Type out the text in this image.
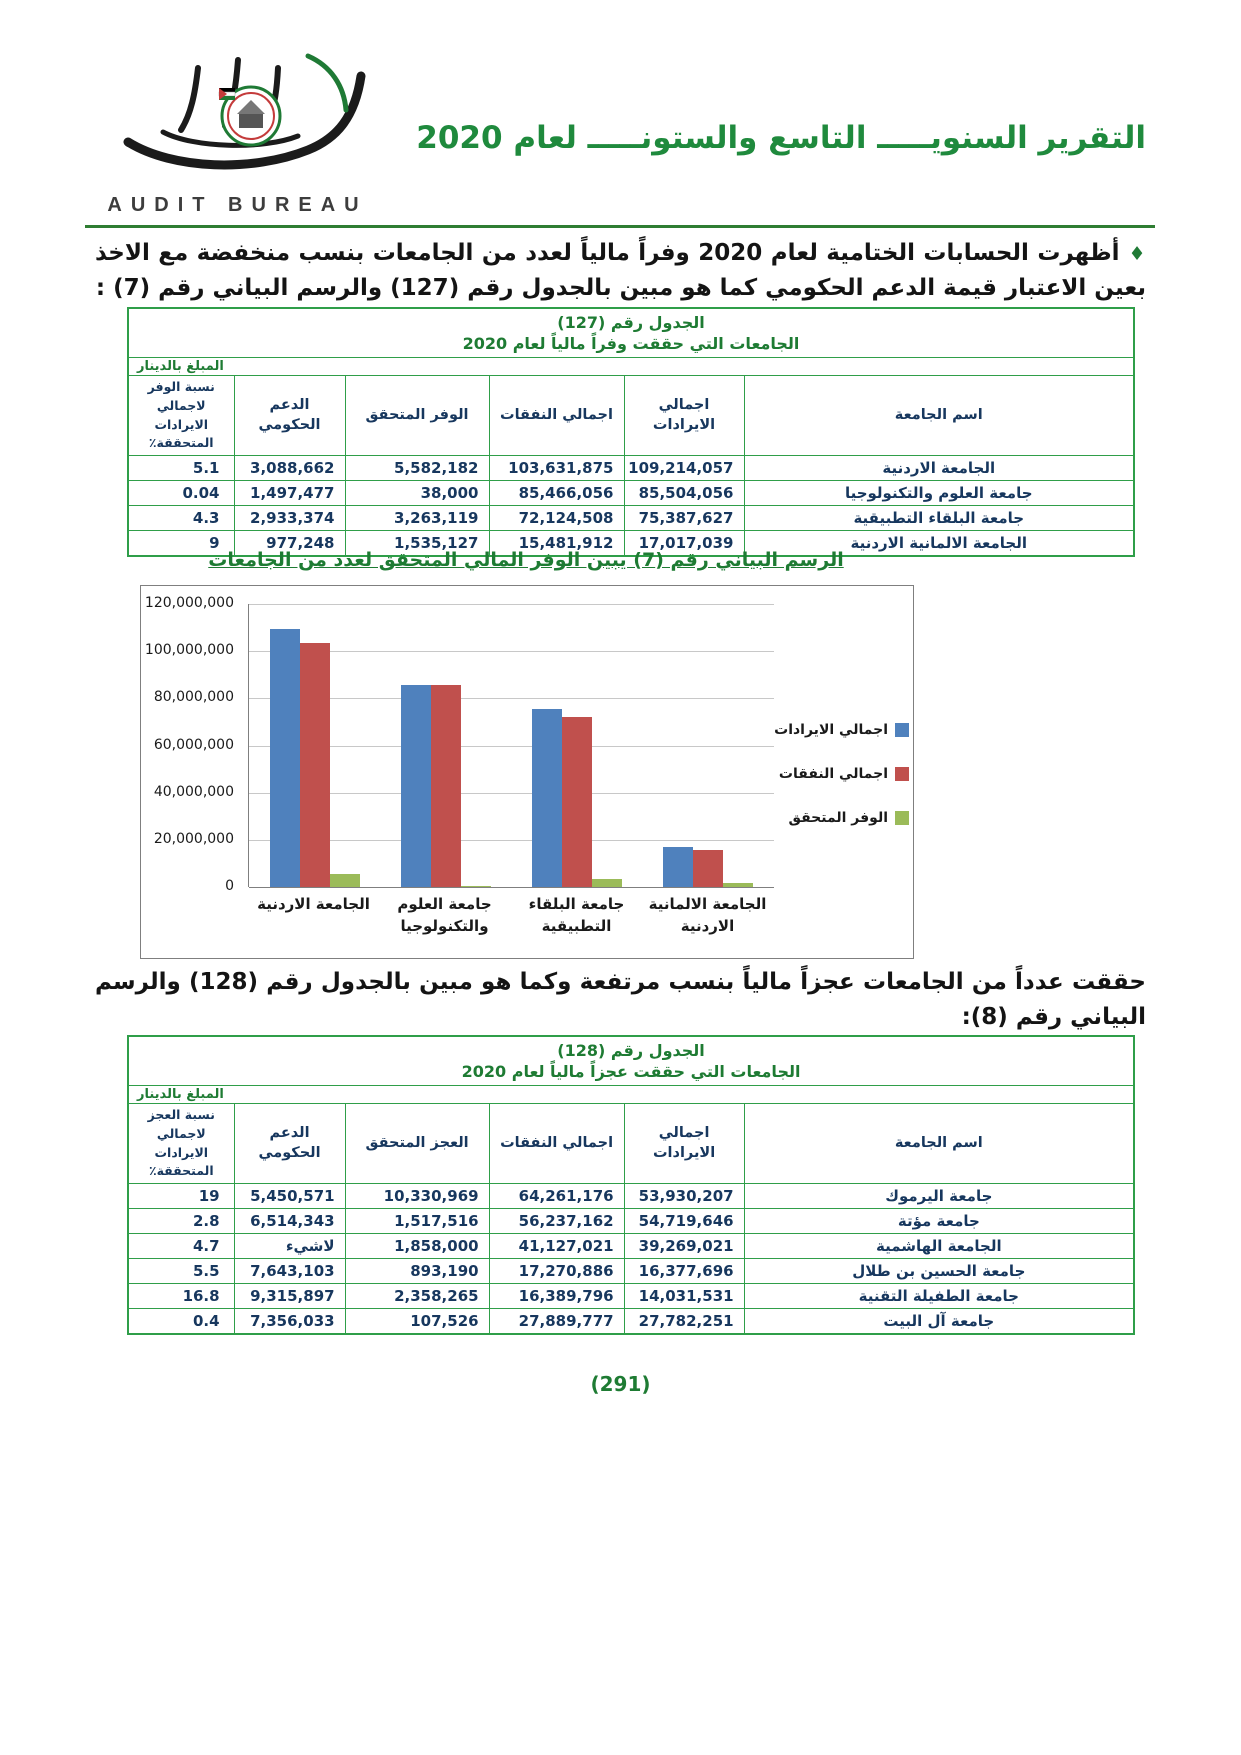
AUDIT BUREAU
التقرير السنويـــــ التاسع والستونـــــ لعام 2020
♦أظهرت الحسابات الختامية لعام 2020 وفراً مالياً لعدد من الجامعات بنسب منخفضة مع الاخذ بعين الاعتبار قيمة الدعم الحكومي كما هو مبين بالجدول رقم (127) والرسم البياني رقم (7) :
الجدول رقم (127)
الجامعات التي حققت وفراً مالياً لعام 2020					

المبلغ بالدينار					
اسم الجامعة	اجمالي الايرادات	اجمالي النفقات	الوفر المتحقق	الدعم الحكومي	نسبة الوفر لاجمالي الايرادات المتحققة٪
الجامعة الاردنية	109,214,057	103,631,875	5,582,182	3,088,662	5.1
جامعة العلوم والتكنولوجيا	85,504,056	85,466,056	38,000	1,497,477	0.04
جامعة البلقاء التطبيقية	75,387,627	72,124,508	3,263,119	2,933,374	4.3
الجامعة الالمانية الاردنية	17,017,039	15,481,912	1,535,127	977,248	9
الرسم البياني رقم (7) يبين الوفر المالي المتحقق لعدد من الجامعات
120,000,000
100,000,000
80,000,000
60,000,000
40,000,000
20,000,000
0
الجامعة الاردنية	جامعة العلوم والتكنولوجيا
جامعة البلقاء التطبيقية
الجامعة الالمانية الاردنية
اجمالي الايرادات
اجمالي النفقات
الوفر المتحقق
حققت عدداً من الجامعات عجزاً مالياً بنسب مرتفعة وكما هو مبين بالجدول رقم (128) والرسم البياني رقم (8):
الجدول رقم (128)
الجامعات التي حققت عجزاً مالياً لعام 2020					

المبلغ بالدينار					
اسم الجامعة	اجمالي الايرادات	اجمالي النفقات	العجز المتحقق	الدعم الحكومي	نسبة العجز لاجمالي الايرادات المتحققة٪
جامعة اليرموك	53,930,207	64,261,176	10,330,969	5,450,571	19
جامعة مؤتة	54,719,646	56,237,162	1,517,516	6,514,343	2.8
الجامعة الهاشمية	39,269,021	41,127,021	1,858,000	لاشيء	4.7
جامعة الحسين بن طلال	16,377,696	17,270,886	893,190	7,643,103	5.5
جامعة الطفيلة التقنية	14,031,531	16,389,796	2,358,265	9,315,897	16.8
جامعة آل البيت	27,782,251	27,889,777	107,526	7,356,033	0.4
(291)
